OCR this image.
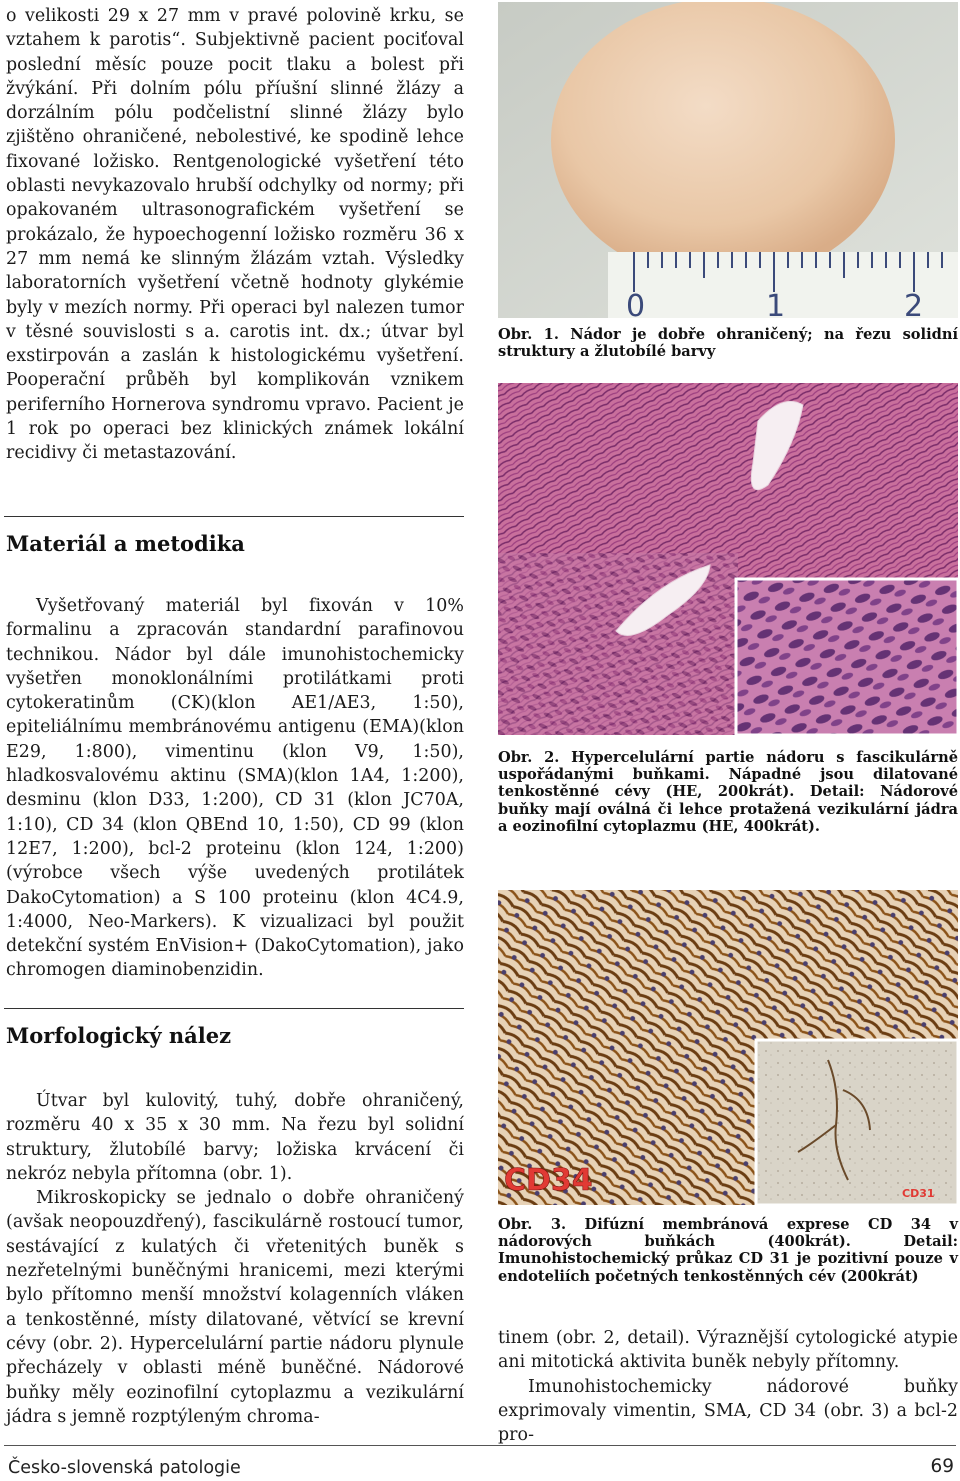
o velikosti 29 x 27 mm v pravé polovině krku, se vztahem k parotis“. Subjektivně pacient pociťoval poslední měsíc pouze pocit tlaku a bolest při žvýkání. Při dolním pólu příušní slinné žlázy a dorzálním pólu podčelistní slinné žlázy bylo zjištěno ohraničené, nebolestivé, ke spodině lehce fixované ložisko. Rentgenologické vyšetření této oblasti nevykazovalo hrubší odchylky od normy; při opakovaném ultrasonografickém vyšetření se prokázalo, že hypoechogenní ložisko rozměru 36 x 27 mm nemá ke slinným žlázám vztah. Výsledky laboratorních vyšetření včetně hodnoty glykémie byly v mezích normy. Při operaci byl nalezen tumor v těsné souvislosti s a. carotis int. dx.; útvar byl exstirpován a zaslán k histologickému vyšetření. Pooperační průběh byl komplikován vznikem periferního Hornerova syndromu vpravo. Pacient je 1 rok po operaci bez klinických známek lokální recidivy či metastazování.

Materiál a metodika

Vyšetřovaný materiál byl fixován v 10% formalinu a zpracován standardní parafinovou technikou. Nádor byl dále imunohistochemicky vyšetřen monoklonálními protilátkami proti cytokeratinům (CK)(klon AE1/AE3, 1:50), epiteliálnímu membránovému antigenu (EMA)(klon E29, 1:800), vimentinu (klon V9, 1:50), hladkosvalovému aktinu (SMA)(klon 1A4, 1:200), desminu (klon D33, 1:200), CD 31 (klon JC70A, 1:10), CD 34 (klon QBEnd 10, 1:50), CD 99 (klon 12E7, 1:200), bcl-2 proteinu (klon 124, 1:200)(výrobce všech výše uvedených protilátek DakoCytomation) a S 100 proteinu (klon 4C4.9, 1:4000, Neo-Markers). K vizualizaci byl použit detekční systém EnVision+ (DakoCytomation), jako chromogen diaminobenzidin.

Morfologický nález

Útvar byl kulovitý, tuhý, dobře ohraničený, rozměru 40 x 35 x 30 mm. Na řezu byl solidní struktury, žlutobílé barvy; ložiska krvácení či nekróz nebyla přítomna (obr. 1).

Mikroskopicky se jednalo o dobře ohraničený (avšak neopouzdřený), fascikulárně rostoucí tumor, sestávající z kulatých či vřetenitých buněk s nezřetelnými buněčnými hranicemi, mezi kterými bylo přítomno menší množství kolagenních vláken a tenkostěnné, místy dilatované, větvící se krevní cévy (obr. 2). Hypercelulární partie nádoru plynule přecházely v oblasti méně buněčné. Nádorové buňky měly eozinofilní cytoplazmu a vezikulární jádra s jemně rozptýleným chroma-

0	1	2

Obr. 1. Nádor je dobře ohraničený; na řezu solidní struktury a žlutobílé barvy

Obr. 2. Hypercelulární partie nádoru s fascikulárně uspořádanými buňkami. Nápadné jsou dilatované tenkostěnné cévy (HE, 200krát). Detail: Nádorové buňky mají oválná či lehce protažená vezikulární jádra a eozinofilní cytoplazmu (HE, 400krát).

CD34	CD31

Obr. 3. Difúzní membránová exprese CD 34 v nádorových buňkách (400krát). Detail: Imunohistochemický průkaz CD 31 je pozitivní pouze v endoteliích početných tenkostěnných cév (200krát)

tinem (obr. 2, detail). Výraznější cytologické atypie ani mitotická aktivita buněk nebyly přítomny.

Imunohistochemicky nádorové buňky exprimovaly vimentin, SMA, CD 34 (obr. 3) a bcl-2 pro-

Česko-slovenská patologie	69
